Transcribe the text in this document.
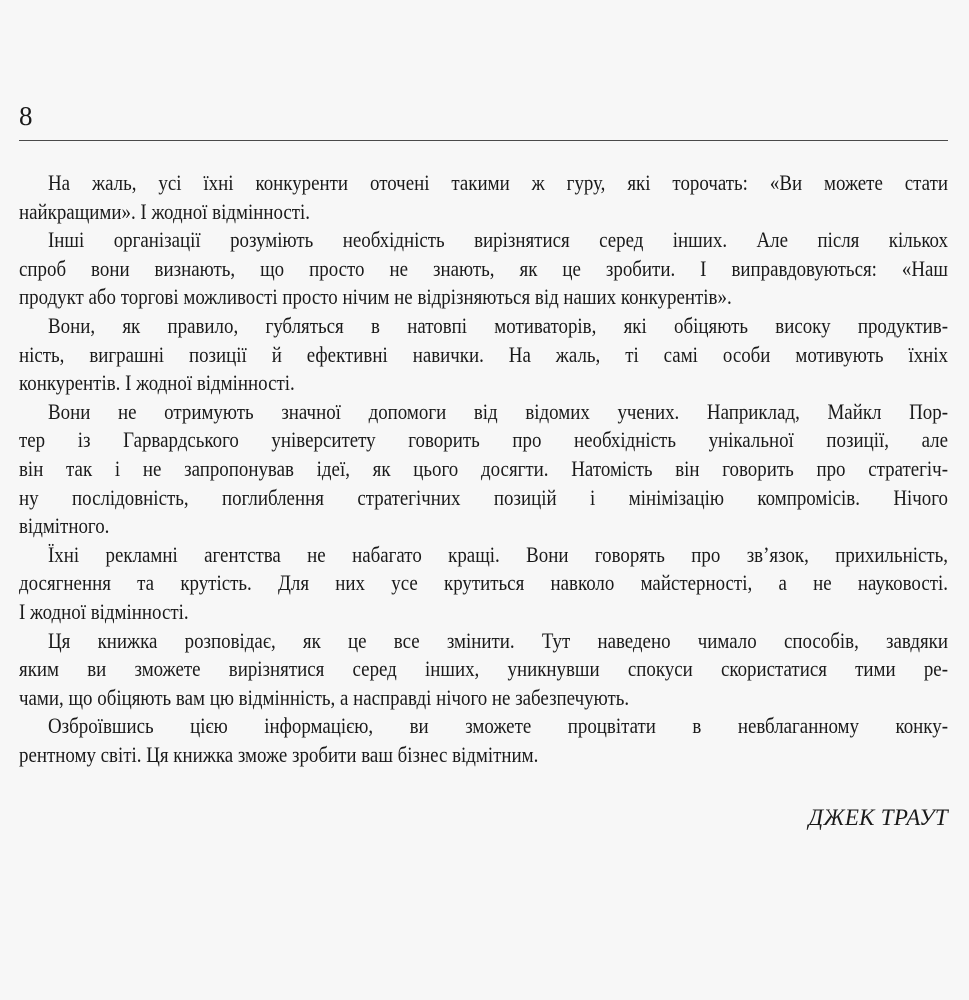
8
На жаль, усі їхні конкуренти оточені такими ж гуру, які торочать: «Ви можете стати
найкращими». І жодної відмінності.
Інші організації розуміють необхідність вирізнятися серед інших. Але після кількох
спроб вони визнають, що просто не знають, як це зробити. І виправдовуються: «Наш
продукт або торгові можливості просто нічим не відрізняються від наших конкурентів».
Вони, як правило, губляться в натовпі мотиваторів, які обіцяють високу продуктив-
ність, виграшні позиції й ефективні навички. На жаль, ті самі особи мотивують їхніх
конкурентів. І жодної відмінності.
Вони не отримують значної допомоги від відомих учених. Наприклад, Майкл Пор-
тер із Гарвардського університету говорить про необхідність унікальної позиції, але
він так і не запропонував ідеї, як цього досягти. Натомість він говорить про стратегіч-
ну послідовність, поглиблення стратегічних позицій і мінімізацію компромісів. Нічого
відмітного.
Їхні рекламні агентства не набагато кращі. Вони говорять про зв’язок, прихильність,
досягнення та крутість. Для них усе крутиться навколо майстерності, а не науковості.
І жодної відмінності.
Ця книжка розповідає, як це все змінити. Тут наведено чимало способів, завдяки
яким ви зможете вирізнятися серед інших, уникнувши спокуси скористатися тими ре-
чами, що обіцяють вам цю відмінність, а насправді нічого не забезпечують.
Озброївшись цією інформацією, ви зможете процвітати в невблаганному конку-
рентному світі. Ця книжка зможе зробити ваш бізнес відмітним.
ДЖЕК ТРАУТ
